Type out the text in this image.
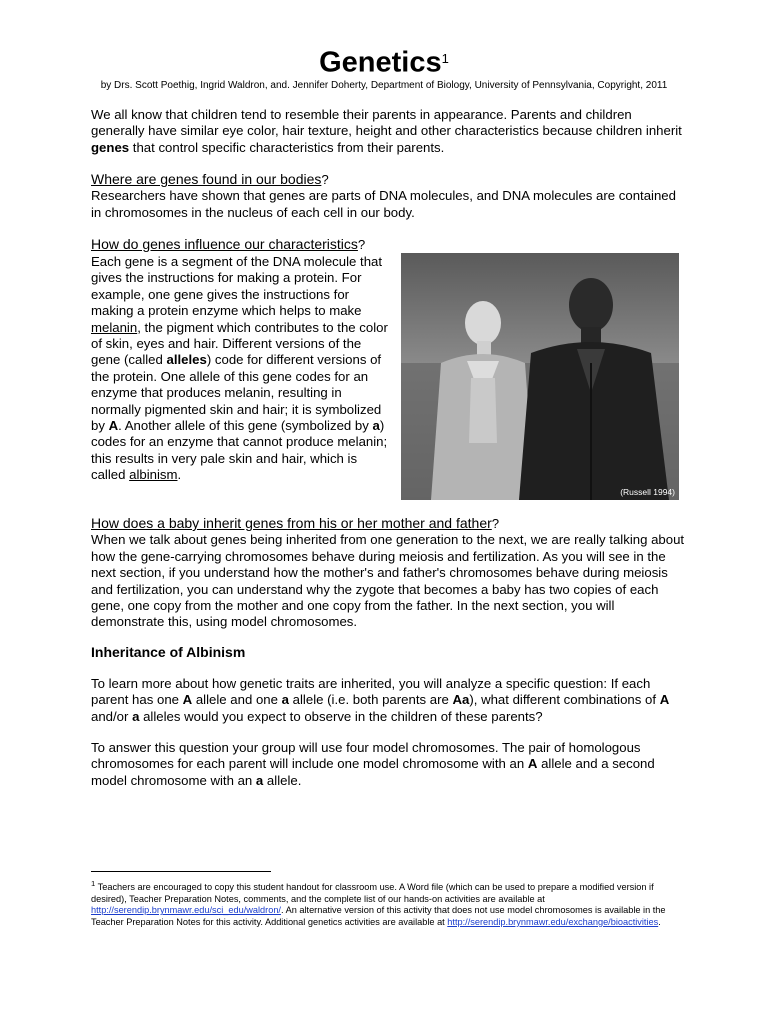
Genetics$^1$
by Drs. Scott Poethig, Ingrid Waldron, and. Jennifer Doherty, Department of Biology, University of Pennsylvania, Copyright, 2011
We all know that children tend to resemble their parents in appearance. Parents and children generally have similar eye color, hair texture, height and other characteristics because children inherit genes that control specific characteristics from their parents.
Where are genes found in our bodies?
Researchers have shown that genes are parts of DNA molecules, and DNA molecules are contained in chromosomes in the nucleus of each cell in our body.
How do genes influence our characteristics?
Each gene is a segment of the DNA molecule that gives the instructions for making a protein. For example, one gene gives the instructions for making a protein enzyme which helps to make melanin, the pigment which contributes to the color of skin, eyes and hair. Different versions of the gene (called alleles) code for different versions of the protein. One allele of this gene codes for an enzyme that produces melanin, resulting in normally pigmented skin and hair; it is symbolized by A. Another allele of this gene (symbolized by a) codes for an enzyme that cannot produce melanin; this results in very pale skin and hair, which is called albinism.
(Russell 1994)
How does a baby inherit genes from his or her mother and father?
When we talk about genes being inherited from one generation to the next, we are really talking about how the gene-carrying chromosomes behave during meiosis and fertilization. As you will see in the next section, if you understand how the mother's and father's chromosomes behave during meiosis and fertilization, you can understand why the zygote that becomes a baby has two copies of each gene, one copy from the mother and one copy from the father. In the next section, you will demonstrate this, using model chromosomes.
Inheritance of Albinism
To learn more about how genetic traits are inherited, you will analyze a specific question: If each parent has one A allele and one a allele (i.e. both parents are Aa), what different combinations of A and/or a alleles would you expect to observe in the children of these parents?
To answer this question your group will use four model chromosomes. The pair of homologous chromosomes for each parent will include one model chromosome with an A allele and a second model chromosome with an a allele.
$^1$ Teachers are encouraged to copy this student handout for classroom use. A Word file (which can be used to prepare a modified version if desired), Teacher Preparation Notes, comments, and the complete list of our hands-on activities are available at http://serendip.brynmawr.edu/sci_edu/waldron/. An alternative version of this activity that does not use model chromosomes is available in the Teacher Preparation Notes for this activity. Additional genetics activities are available at http://serendip.brynmawr.edu/exchange/bioactivities.
